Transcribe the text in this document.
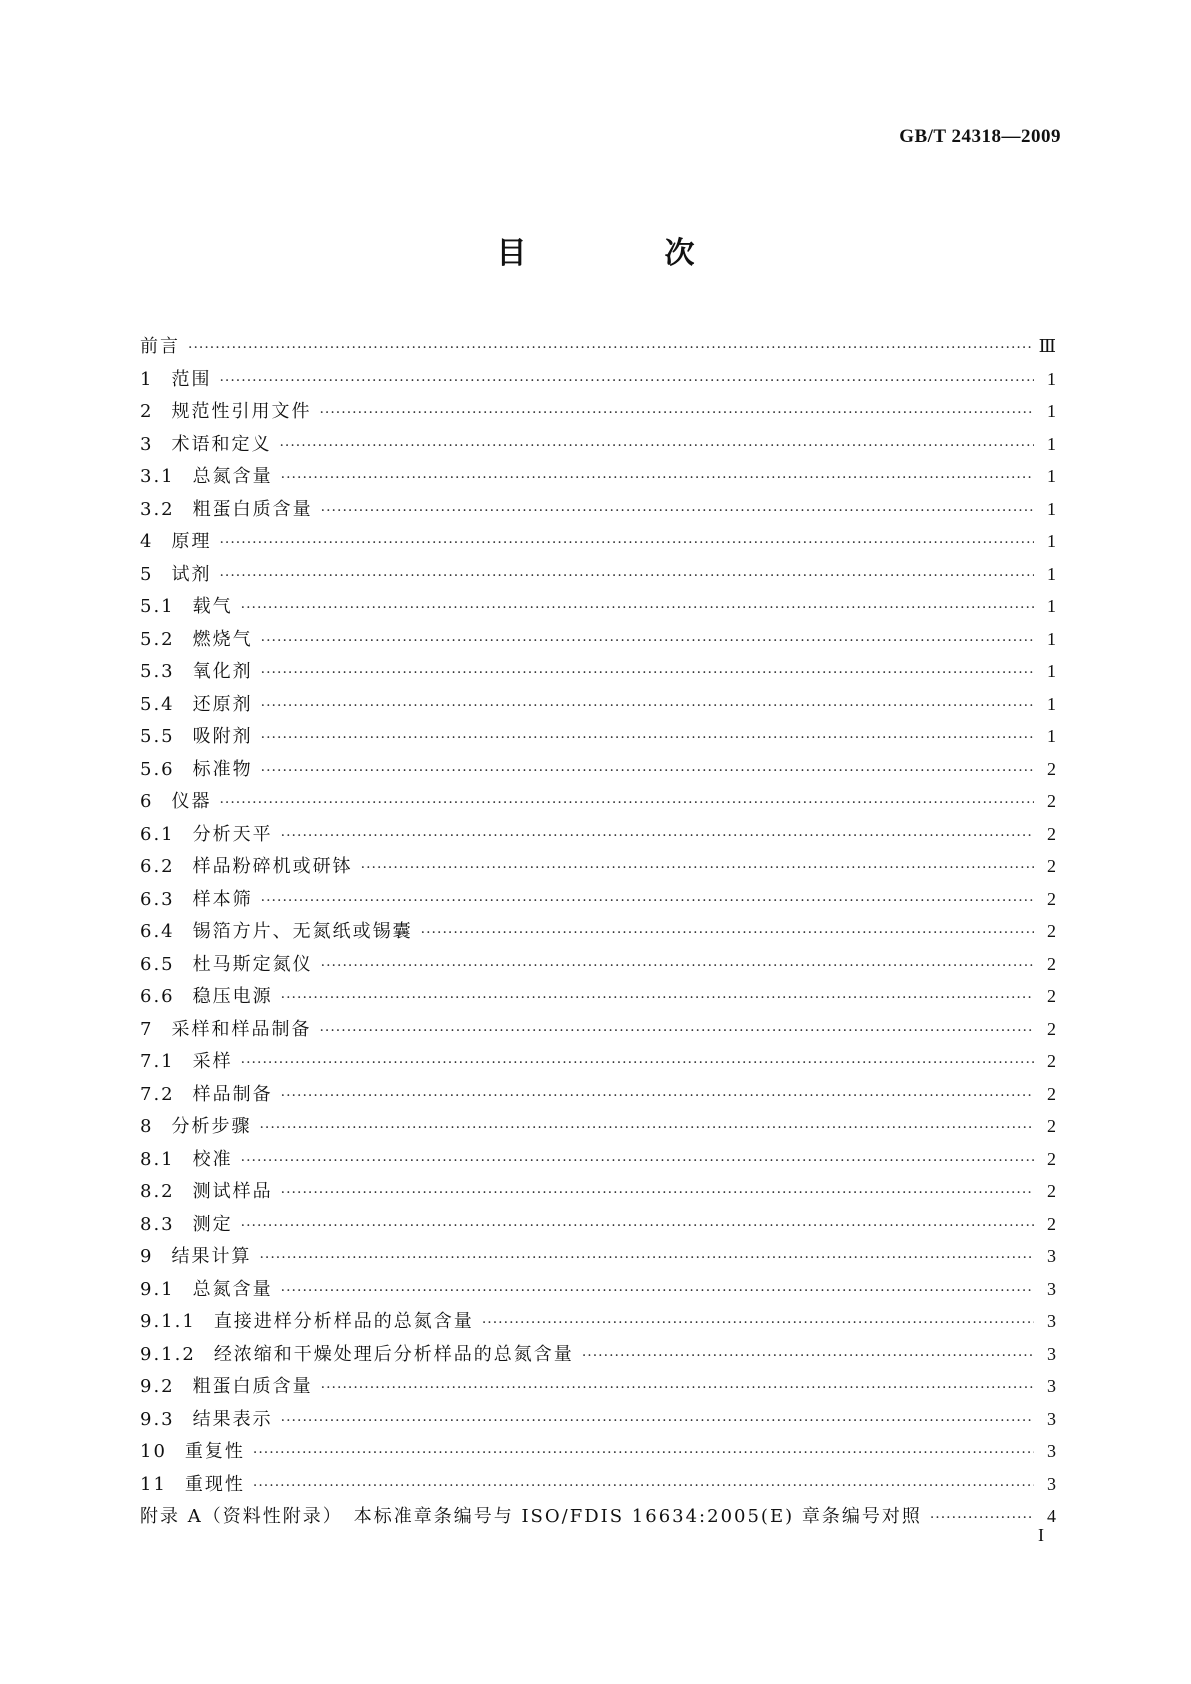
GB/T 24318—2009
目　次
前言 ·····	Ⅲ
1 范围 ·····	1
2 规范性引用文件 ·····	1
3 术语和定义 ·····	1
3.1 总氮含量 ·····	1
3.2 粗蛋白质含量 ·····	1
4 原理 ·····	1
5 试剂 ·····	1
5.1 载气 ·····	1
5.2 燃烧气 ·····	1
5.3 氧化剂 ·····	1
5.4 还原剂 ·····	1
5.5 吸附剂 ·····	1
5.6 标准物 ·····	2
6 仪器 ·····	2
6.1 分析天平 ·····	2
6.2 样品粉碎机或研钵 ·····	2
6.3 样本筛 ·····	2
6.4 锡箔方片、无氮纸或锡囊 ·····	2
6.5 杜马斯定氮仪 ·····	2
6.6 稳压电源 ·····	2
7 采样和样品制备 ·····	2
7.1 采样 ·····	2
7.2 样品制备 ·····	2
8 分析步骤 ·····	2
8.1 校准 ·····	2
8.2 测试样品 ·····	2
8.3 测定 ·····	2
9 结果计算 ·····	3
9.1 总氮含量 ·····	3
9.1.1 直接进样分析样品的总氮含量 ·····	3
9.1.2 经浓缩和干燥处理后分析样品的总氮含量 ·····	3
9.2 粗蛋白质含量 ·····	3
9.3 结果表示 ·····	3
10 重复性 ·····	3
11 重现性 ·····	3
附录 A（资料性附录）　本标准章条编号与 ISO/FDIS 16634:2005(E) 章条编号对照 ·····	4
I
